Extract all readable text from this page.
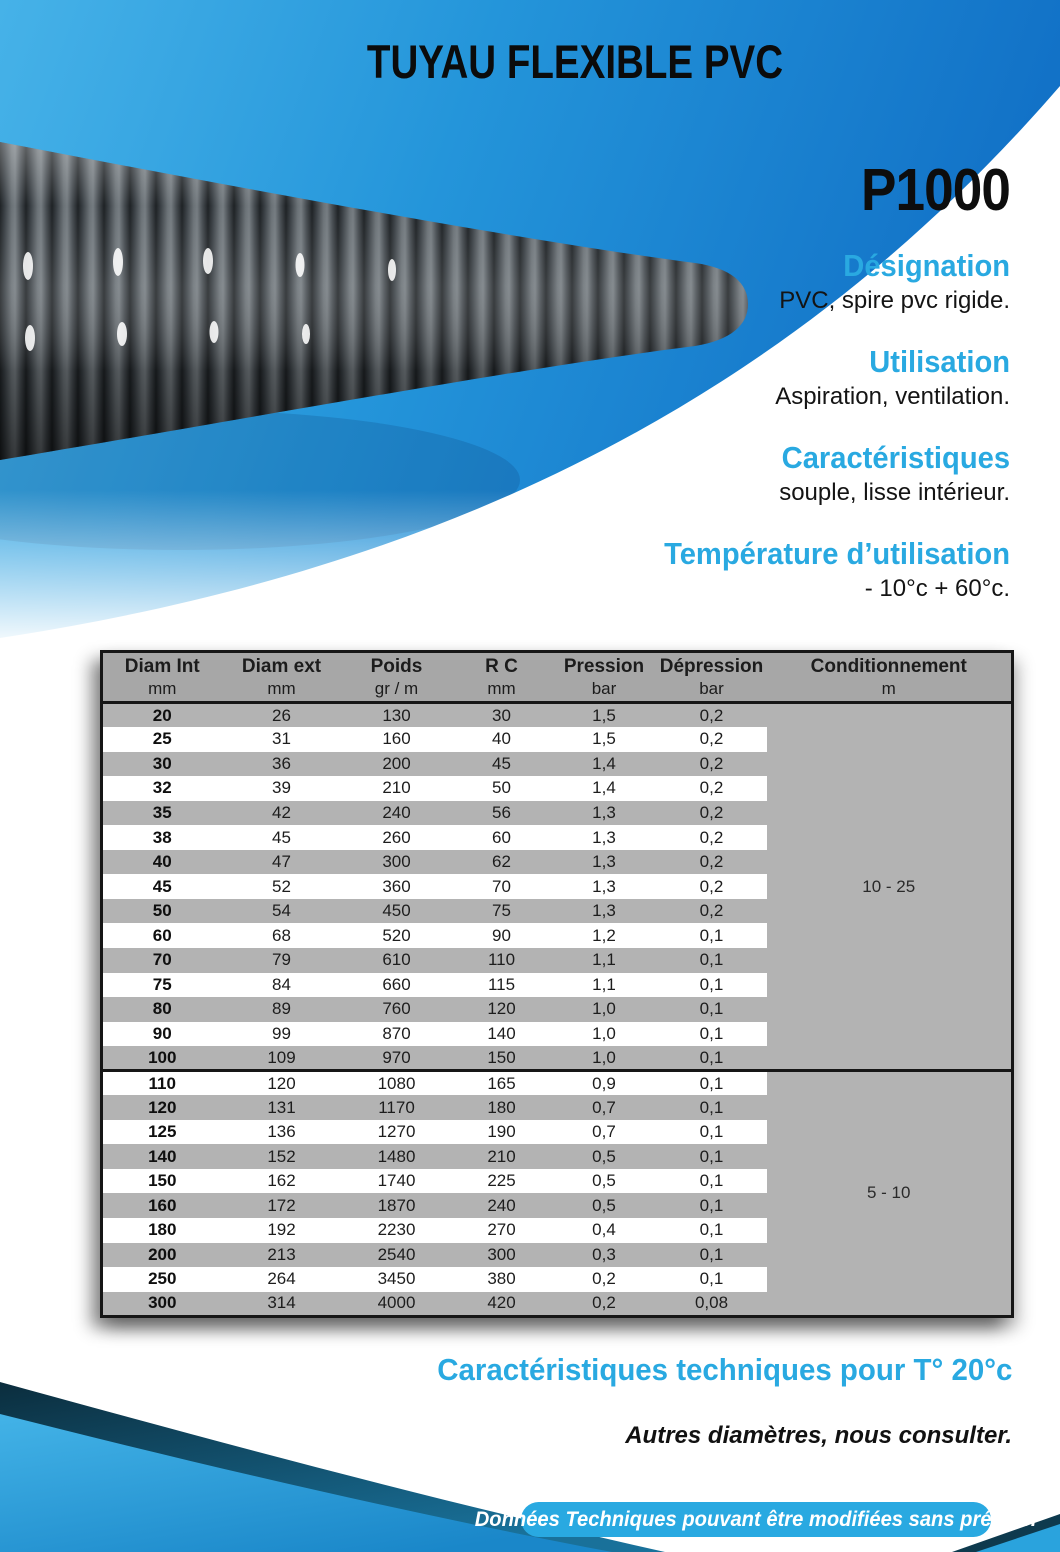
TUYAU FLEXIBLE PVC
P1000
Désignation
PVC, spire pvc rigide.
Utilisation
Aspiration, ventilation.
Caractéristiques
souple, lisse intérieur.
Température d’utilisation
- 10°c + 60°c.
Diam Int	Diam ext	Poids	R C	Pression	Dépression	Conditionnement
mm	mm	gr / m	mm	bar	bar	m
20	26	130	30	1,5	0,2	10 - 25
25	31	160	40	1,5	0,2	
30	36	200	45	1,4	0,2	
32	39	210	50	1,4	0,2	
35	42	240	56	1,3	0,2	
38	45	260	60	1,3	0,2	
40	47	300	62	1,3	0,2	
45	52	360	70	1,3	0,2	
50	54	450	75	1,3	0,2	
60	68	520	90	1,2	0,1	
70	79	610	110	1,1	0,1	
75	84	660	115	1,1	0,1	
80	89	760	120	1,0	0,1	
90	99	870	140	1,0	0,1	
100	109	970	150	1,0	0,1	
110	120	1080	165	0,9	0,1	5 - 10
120	131	1170	180	0,7	0,1	
125	136	1270	190	0,7	0,1	
140	152	1480	210	0,5	0,1	
150	162	1740	225	0,5	0,1	
160	172	1870	240	0,5	0,1	
180	192	2230	270	0,4	0,1	
200	213	2540	300	0,3	0,1	
250	264	3450	380	0,2	0,1	
300	314	4000	420	0,2	0,08	
Caractéristiques techniques pour T° 20°c
Autres diamètres, nous consulter.
Données Techniques pouvant être modifiées sans préavis.
